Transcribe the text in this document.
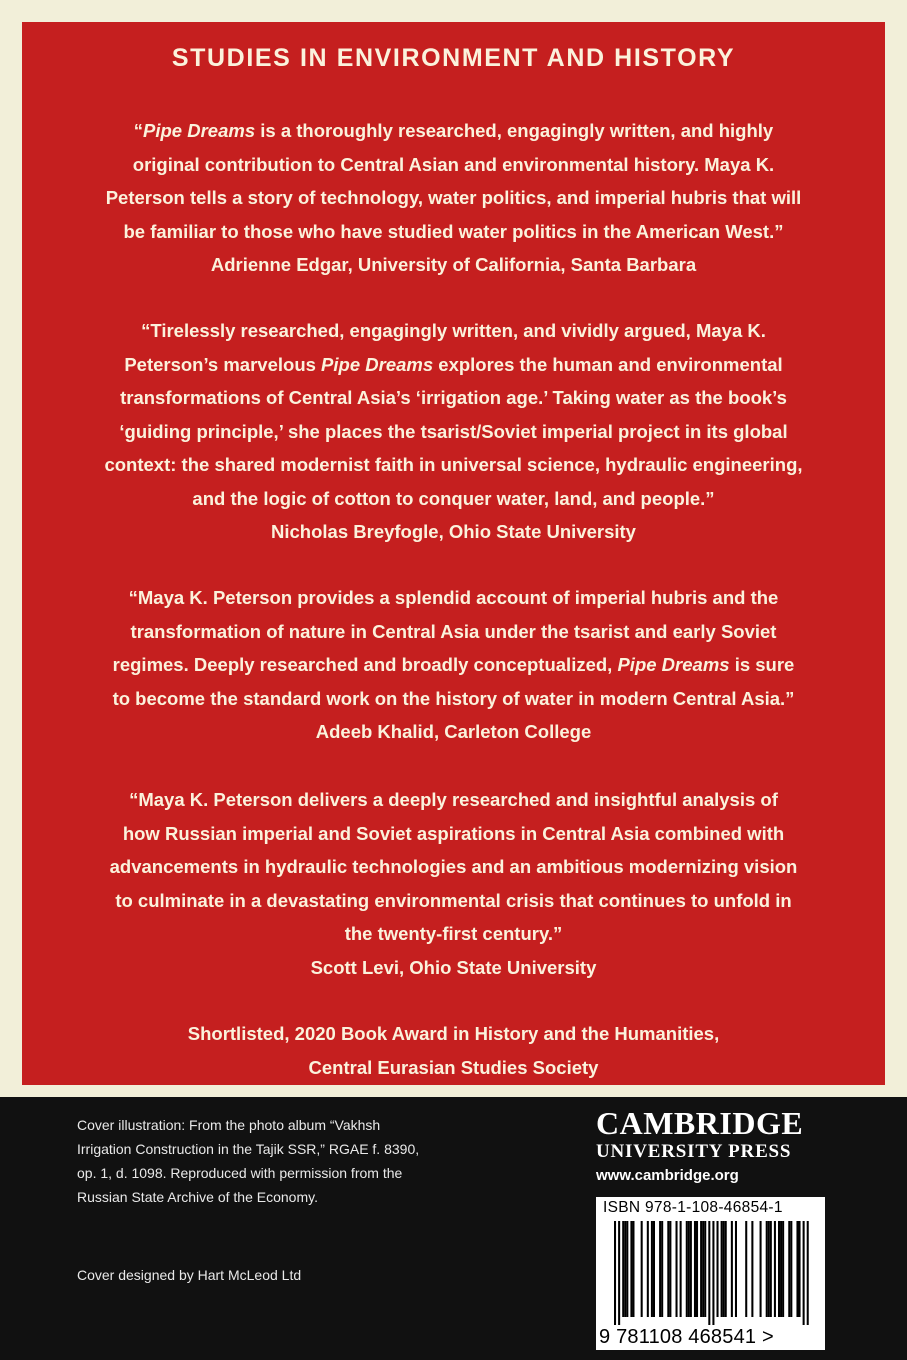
STUDIES IN ENVIRONMENT AND HISTORY
“Pipe Dreams is a thoroughly researched, engagingly written, and highly
original contribution to Central Asian and environmental history. Maya K.
Peterson tells a story of technology, water politics, and imperial hubris that will
be familiar to those who have studied water politics in the American West.”
Adrienne Edgar, University of California, Santa Barbara
“Tirelessly researched, engagingly written, and vividly argued, Maya K.
Peterson’s marvelous Pipe Dreams explores the human and environmental
transformations of Central Asia’s ‘irrigation age.’ Taking water as the book’s
‘guiding principle,’ she places the tsarist/Soviet imperial project in its global
context: the shared modernist faith in universal science, hydraulic engineering,
and the logic of cotton to conquer water, land, and people.”
Nicholas Breyfogle, Ohio State University
“Maya K. Peterson provides a splendid account of imperial hubris and the
transformation of nature in Central Asia under the tsarist and early Soviet
regimes. Deeply researched and broadly conceptualized, Pipe Dreams is sure
to become the standard work on the history of water in modern Central Asia.”
Adeeb Khalid, Carleton College
“Maya K. Peterson delivers a deeply researched and insightful analysis of
how Russian imperial and Soviet aspirations in Central Asia combined with
advancements in hydraulic technologies and an ambitious modernizing vision
to culminate in a devastating environmental crisis that continues to unfold in
the twenty-first century.”
Scott Levi, Ohio State University
Shortlisted, 2020 Book Award in History and the Humanities,
Central Eurasian Studies Society
Cover illustration: From the photo album “Vakhsh
Irrigation Construction in the Tajik SSR,” RGAE f. 8390,
op. 1, d. 1098. Reproduced with permission from the
Russian State Archive of the Economy.
Cover designed by Hart McLeod Ltd
CAMBRIDGE
UNIVERSITY PRESS
www.cambridge.org
ISBN 978-1-108-46854-1
9 781108 468541 >
